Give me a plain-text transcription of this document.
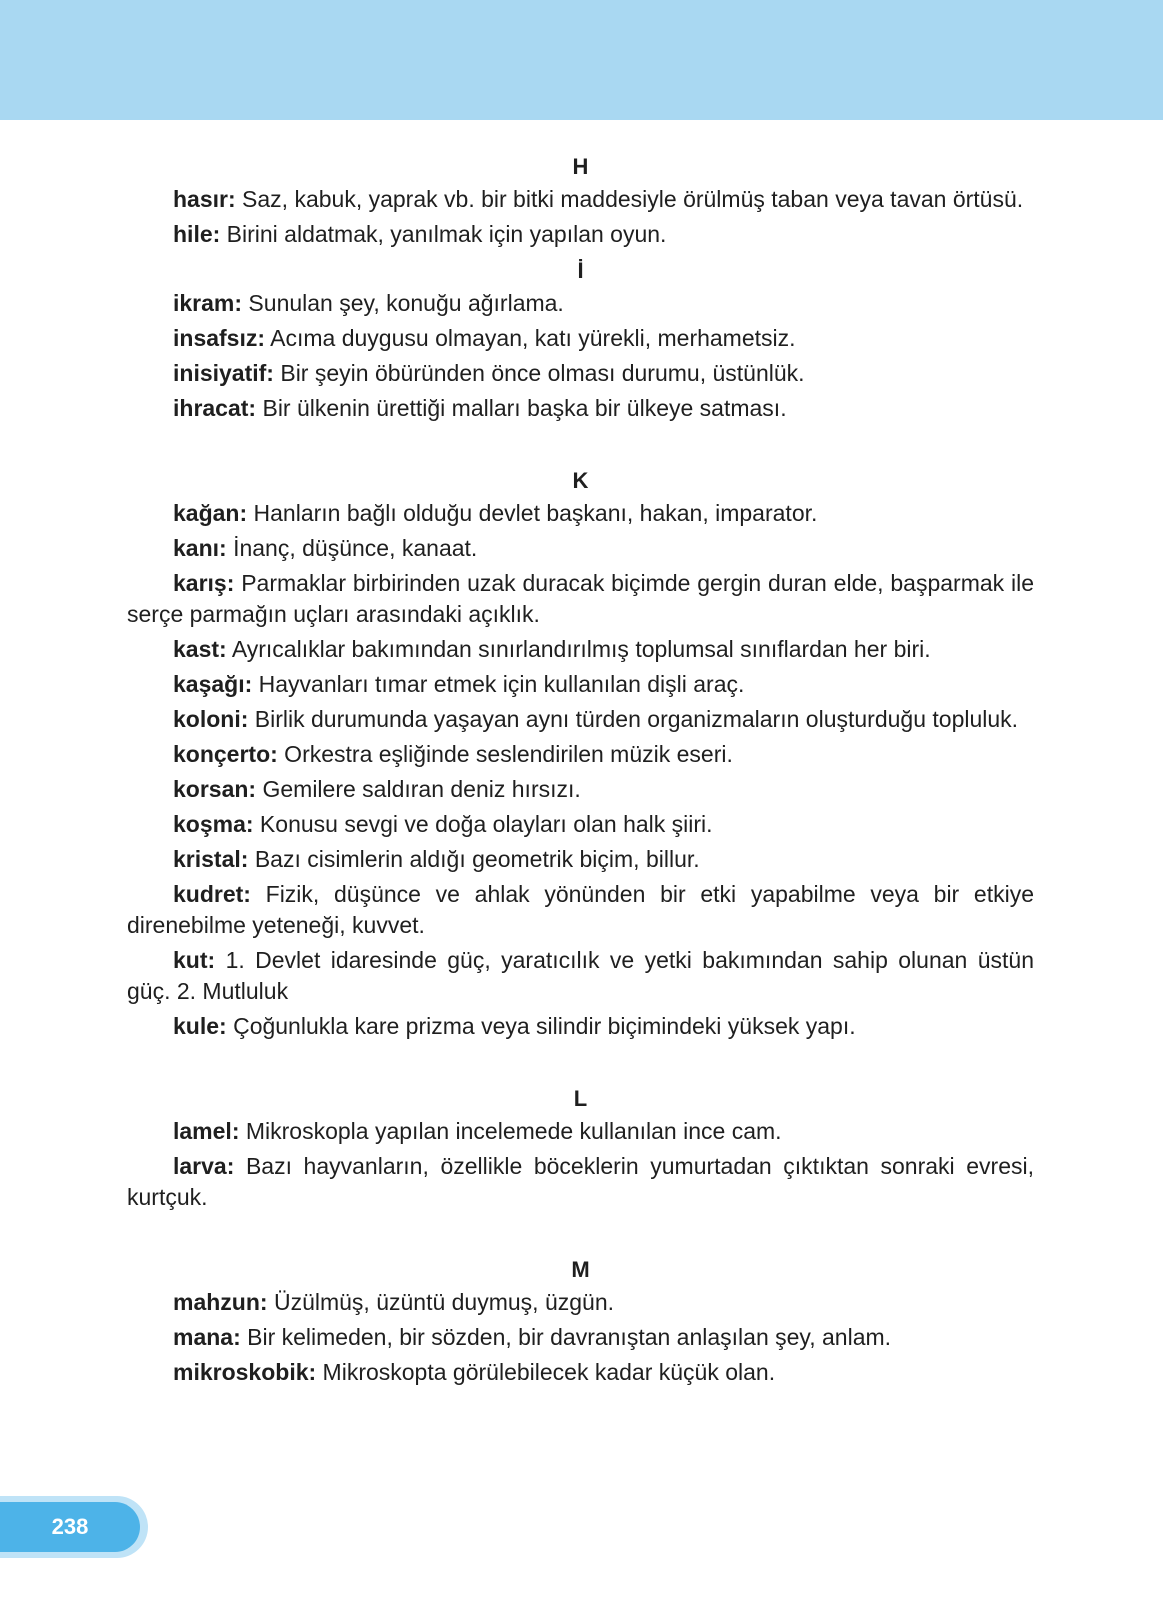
H

hasır: Saz, kabuk, yaprak vb. bir bitki maddesiyle örülmüş taban veya tavan örtüsü.

hile: Birini aldatmak, yanılmak için yapılan oyun.

İ

ikram: Sunulan şey, konuğu ağırlama.

insafsız: Acıma duygusu olmayan, katı yürekli, merhametsiz.

inisiyatif: Bir şeyin öbüründen önce olması durumu, üstünlük.

ihracat: Bir ülkenin ürettiği malları başka bir ülkeye satması.

K

kağan: Hanların bağlı olduğu devlet başkanı, hakan, imparator.

kanı: İnanç, düşünce, kanaat.

karış: Parmaklar birbirinden uzak duracak biçimde gergin duran elde, başparmak ile serçe parmağın uçları arasındaki açıklık.

kast: Ayrıcalıklar bakımından sınırlandırılmış toplumsal sınıflardan her biri.

kaşağı: Hayvanları tımar etmek için kullanılan dişli araç.

koloni: Birlik durumunda yaşayan aynı türden organizmaların oluşturduğu topluluk.

konçerto: Orkestra eşliğinde seslendirilen müzik eseri.

korsan: Gemilere saldıran deniz hırsızı.

koşma: Konusu sevgi ve doğa olayları olan halk şiiri.

kristal: Bazı cisimlerin aldığı geometrik biçim, billur.

kudret: Fizik, düşünce ve ahlak yönünden bir etki yapabilme veya bir etkiye direnebilme yeteneği, kuvvet.

kut: 1. Devlet idaresinde güç, yaratıcılık ve yetki bakımından sahip olunan üstün güç. 2. Mutluluk

kule: Çoğunlukla kare prizma veya silindir biçimindeki yüksek yapı.

L

lamel: Mikroskopla yapılan incelemede kullanılan ince cam.

larva: Bazı hayvanların, özellikle böceklerin yumurtadan çıktıktan sonraki evresi, kurtçuk.

M

mahzun: Üzülmüş, üzüntü duymuş, üzgün.

mana: Bir kelimeden, bir sözden, bir davranıştan anlaşılan şey, anlam.

mikroskobik: Mikroskopta görülebilecek kadar küçük olan.

238
